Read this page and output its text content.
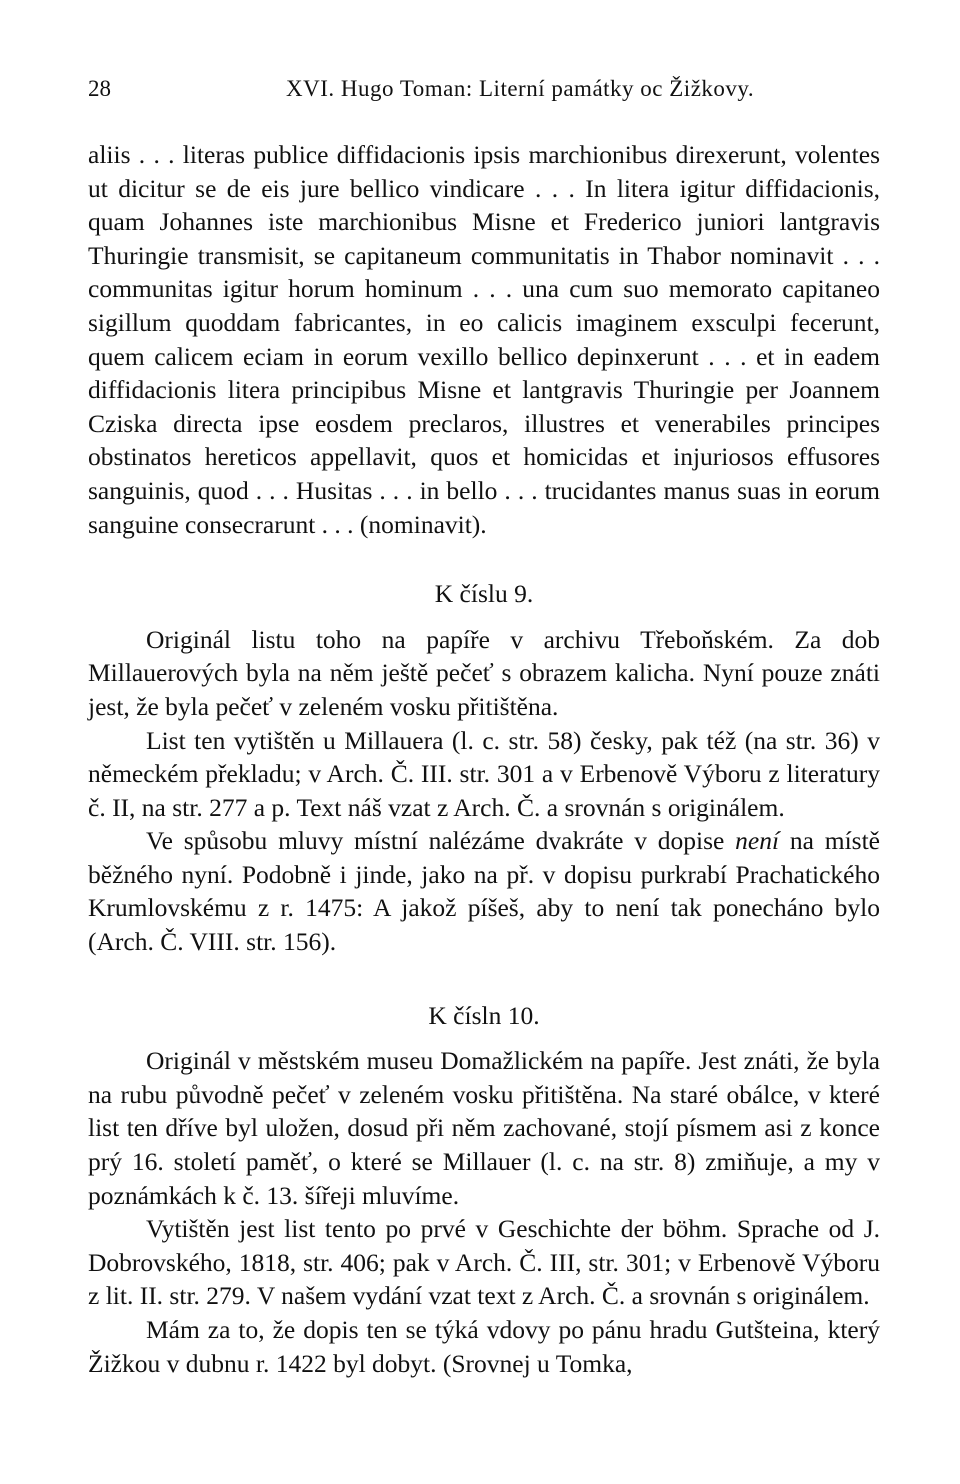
28	XVI. Hugo Toman: Literní památky oc Žižkovy.

aliis . . . literas publice diffidacionis ipsis marchionibus direxerunt, volentes ut dicitur se de eis jure bellico vindicare . . . In litera igitur diffidacionis, quam Johannes iste marchionibus Misne et Frederico juniori lantgravis Thuringie transmisit, se capitaneum communitatis in Thabor nominavit . . . communitas igitur horum hominum . . . una cum suo memorato capitaneo sigillum quoddam fabricantes, in eo calicis imaginem exsculpi fecerunt, quem calicem eciam in eorum vexillo bellico depinxerunt . . . et in eadem diffidacionis litera principibus Misne et lantgravis Thuringie per Joannem Cziska directa ipse eosdem preclaros, illustres et venerabiles principes obstinatos hereticos appellavit, quos et homicidas et injuriosos effusores sanguinis, quod . . . Husitas . . . in bello . . . trucidantes manus suas in eorum sanguine consecrarunt . . . (nominavit).

K číslu 9.

Originál listu toho na papíře v archivu Třeboňském. Za dob Millauerových byla na něm ještě pečeť s obrazem kalicha. Nyní pouze znáti jest, že byla pečeť v zeleném vosku přitištěna.

List ten vytištěn u Millauera (l. c. str. 58) česky, pak též (na str. 36) v německém překladu; v Arch. Č. III. str. 301 a v Erbenově Výboru z literatury č. II, na str. 277 a p. Text náš vzat z Arch. Č. a srovnán s originálem.

Ve spůsobu mluvy místní nalézáme dvakráte v dopise není na místě běžného nyní. Podobně i jinde, jako na př. v dopisu purkrabí Prachatického Krumlovskému z r. 1475: A jakož píšeš, aby to není tak ponecháno bylo (Arch. Č. VIII. str. 156).

K čísln 10.

Originál v městském museu Domažlickém na papíře. Jest znáti, že byla na rubu původně pečeť v zeleném vosku přitištěna. Na staré obálce, v které list ten dříve byl uložen, dosud při něm zachované, stojí písmem asi z konce prý 16. století paměť, o které se Millauer (l. c. na str. 8) zmiňuje, a my v poznámkách k č. 13. šířeji mluvíme.

Vytištěn jest list tento po prvé v Geschichte der böhm. Sprache od J. Dobrovského, 1818, str. 406; pak v Arch. Č. III, str. 301; v Erbenově Výboru z lit. II. str. 279. V našem vydání vzat text z Arch. Č. a srovnán s originálem.

Mám za to, že dopis ten se týká vdovy po pánu hradu Gutšteina, který Žižkou v dubnu r. 1422 byl dobyt. (Srovnej u Tomka,
